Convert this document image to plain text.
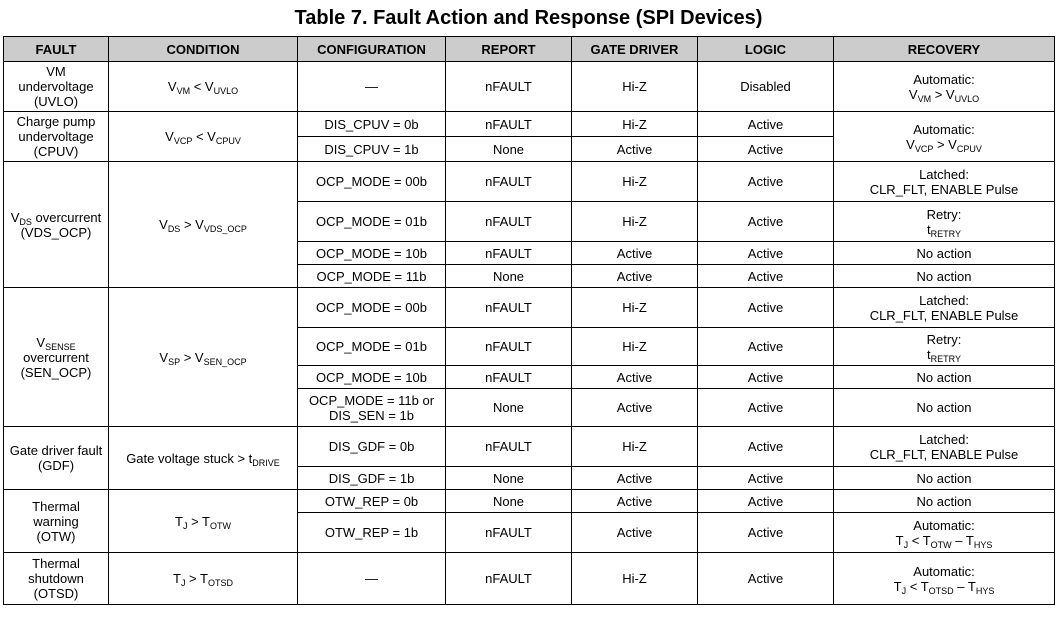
Table 7. Fault Action and Response (SPI Devices)
FAULT	CONDITION	CONFIGURATION	REPORT	GATE DRIVER	LOGIC	RECOVERY

VM
undervoltage
(UVLO)	$V_{VM} < V_{UVLO}$	—	nFAULT	Hi-Z	Disabled	Automatic:
$V_{VM} > V_{UVLO}$

Charge pump
undervoltage
(CPUV)	$V_{VCP} < V_{CPUV}$	DIS_CPUV = 0b	nFAULT	Hi-Z	Active	Automatic:
$V_{VCP} > V_{CPUV}$

		DIS_CPUV = 1b	None	Active	Active	

$V_{DS}$ overcurrent
(VDS_OCP)	$V_{DS} > V_{VDS\_OCP}$	OCP_MODE = 00b	nFAULT	Hi-Z	Active	Latched:
CLR_FLT, ENABLE Pulse

		OCP_MODE = 01b	nFAULT	Hi-Z	Active	Retry:
$t_{RETRY}$

		OCP_MODE = 10b	nFAULT	Active	Active	No action
		OCP_MODE = 11b	None	Active	Active	No action

$V_{SENSE}$
overcurrent
(SEN_OCP)	$V_{SP} > V_{SEN\_OCP}$	OCP_MODE = 00b	nFAULT	Hi-Z	Active	Latched:
CLR_FLT, ENABLE Pulse

		OCP_MODE = 01b	nFAULT	Hi-Z	Active	Retry:
$t_{RETRY}$

		OCP_MODE = 10b	nFAULT	Active	Active	No action

		OCP_MODE = 11b or
DIS_SEN = 1b	None	Active	Active	No action

Gate driver fault
(GDF)	Gate voltage stuck > $t_{DRIVE}$	DIS_GDF = 0b	nFAULT	Hi-Z	Active	Latched:
CLR_FLT, ENABLE Pulse

		DIS_GDF = 1b	None	Active	Active	No action

Thermal
warning
(OTW)	$T_J > T_{OTW}$	OTW_REP = 0b	None	Active	Active	No action
		OTW_REP = 1b	nFAULT	Active	Active	Automatic:
$T_J < T_{OTW} - T_{HYS}$

Thermal
shutdown
(OTSD)	$T_J > T_{OTSD}$	—	nFAULT	Hi-Z	Active	Automatic:
$T_J < T_{OTSD} - T_{HYS}$
